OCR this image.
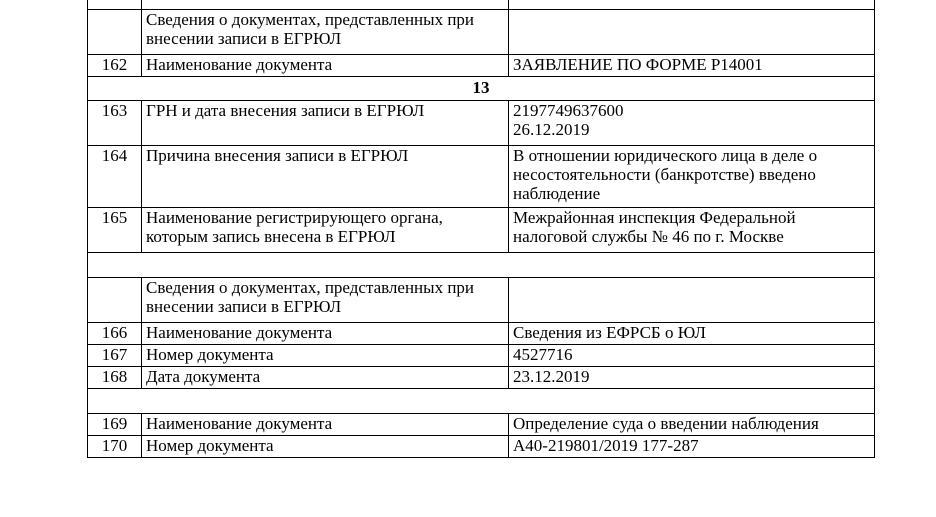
	Сведения о документах, представленных при внесении записи в ЕГРЮЛ	
162	Наименование документа	ЗАЯВЛЕНИЕ ПО ФОРМЕ Р14001
13		
163	ГРН и дата внесения записи в ЕГРЮЛ	2197749637600
26.12.2019

164	Причина внесения записи в ЕГРЮЛ	В отношении юридического лица в деле о несостоятельности (банкротстве) введено наблюдение
165	Наименование регистрирующего органа, которым запись внесена в ЕГРЮЛ	Межрайонная инспекция Федеральной налоговой службы № 46 по г. Москве

	Сведения о документах, представленных при внесении записи в ЕГРЮЛ	
166	Наименование документа	Сведения из ЕФРСБ о ЮЛ
167	Номер документа	4527716
168	Дата документа	23.12.2019

169	Наименование документа	Определение суда о введении наблюдения
170	Номер документа	А40-219801/2019 177-287
